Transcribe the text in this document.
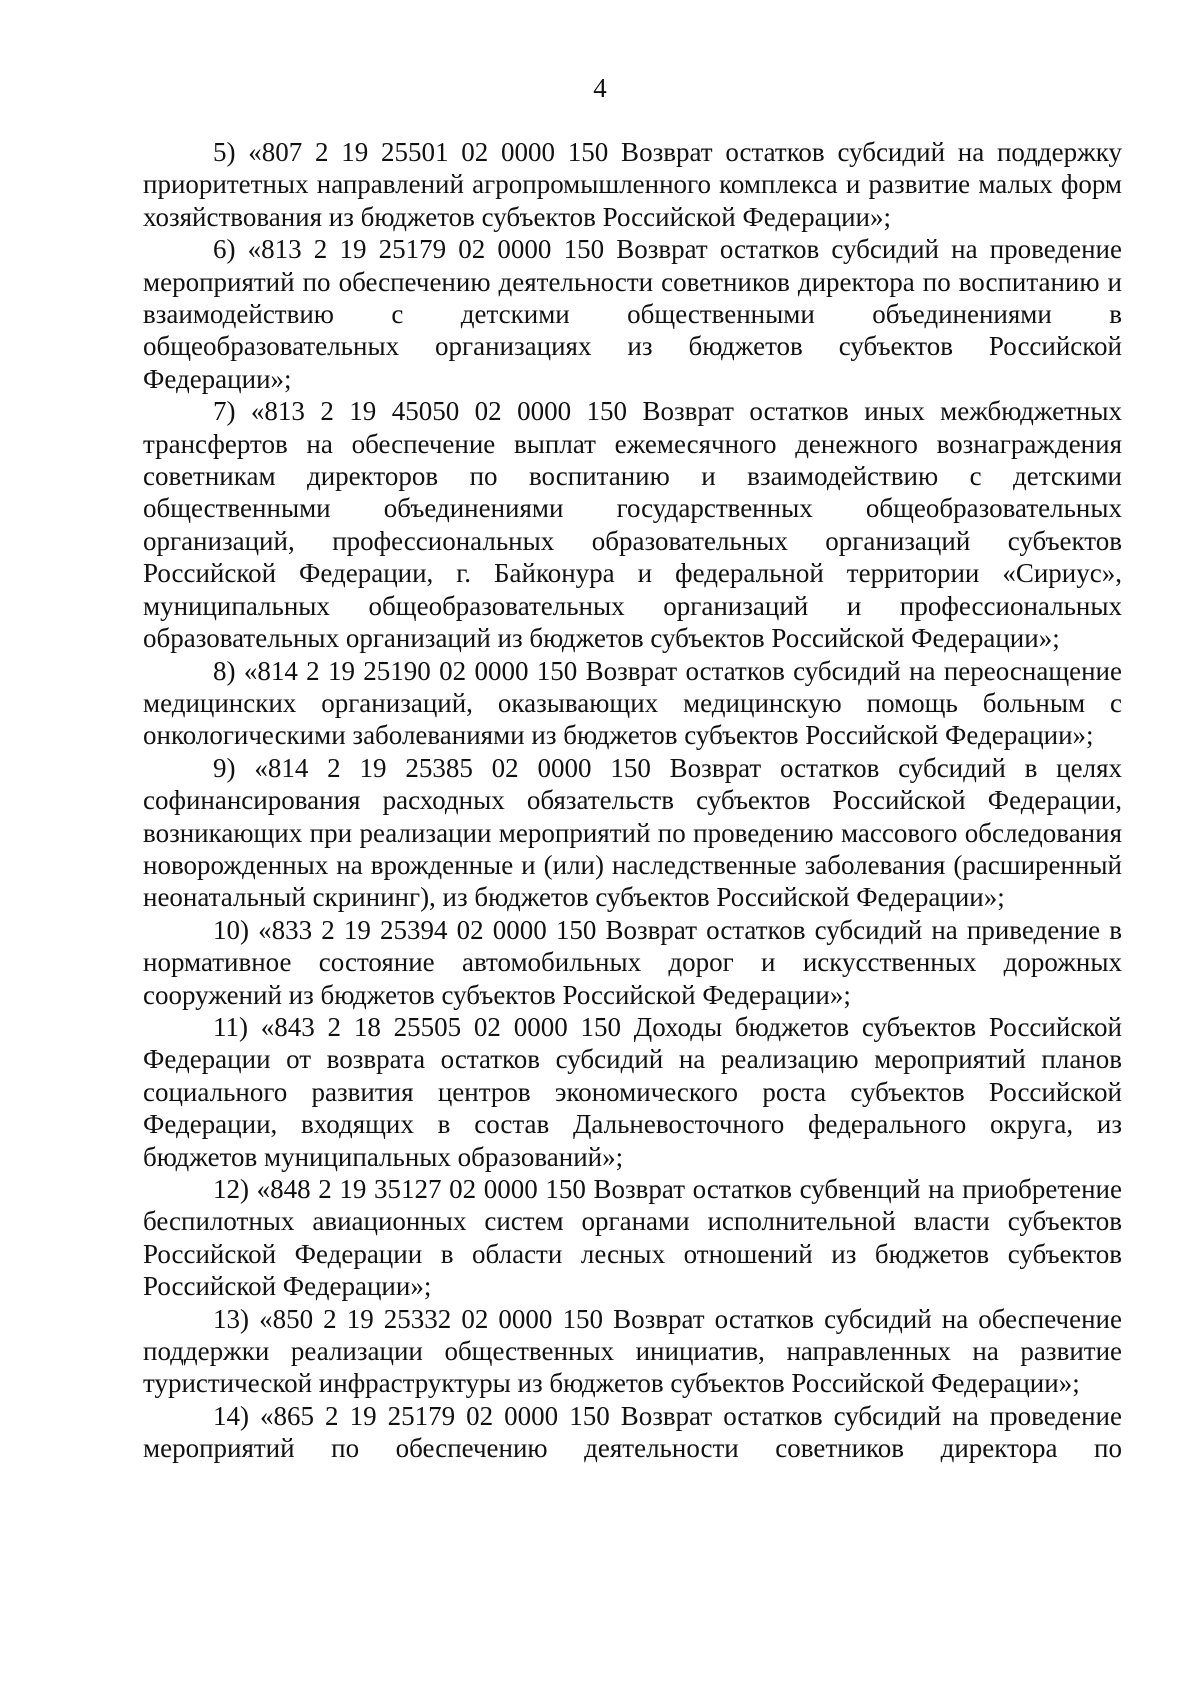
4

5) «807 2 19 25501 02 0000 150 Возврат остатков субсидий на поддержку приоритетных направлений агропромышленного комплекса и развитие малых форм хозяйствования из бюджетов субъектов Российской Федерации»;

6) «813 2 19 25179 02 0000 150 Возврат остатков субсидий на проведение мероприятий по обеспечению деятельности советников директора по воспитанию и взаимодействию с детскими общественными объединениями в общеобразовательных организациях из бюджетов субъектов Российской Федерации»;

7) «813 2 19 45050 02 0000 150 Возврат остатков иных межбюджетных трансфертов на обеспечение выплат ежемесячного денежного вознаграждения советникам директоров по воспитанию и взаимодействию с детскими общественными объединениями государственных общеобразовательных организаций, профессиональных образовательных организаций субъектов Российской Федерации, г. Байконура и федеральной территории «Сириус», муниципальных общеобразовательных организаций и профессиональных образовательных организаций из бюджетов субъектов Российской Федерации»;

8) «814 2 19 25190 02 0000 150 Возврат остатков субсидий на переоснащение медицинских организаций, оказывающих медицинскую помощь больным с онкологическими заболеваниями из бюджетов субъектов Российской Федерации»;

9) «814 2 19 25385 02 0000 150 Возврат остатков субсидий в целях софинансирования расходных обязательств субъектов Российской Федерации, возникающих при реализации мероприятий по проведению массового обследования новорожденных на врожденные и (или) наследственные заболевания (расширенный неонатальный скрининг), из бюджетов субъектов Российской Федерации»;

10) «833 2 19 25394 02 0000 150 Возврат остатков субсидий на приведение в нормативное состояние автомобильных дорог и искусственных дорожных сооружений из бюджетов субъектов Российской Федерации»;

11) «843 2 18 25505 02 0000 150 Доходы бюджетов субъектов Российской Федерации от возврата остатков субсидий на реализацию мероприятий планов социального развития центров экономического роста субъектов Российской Федерации, входящих в состав Дальневосточного федерального округа, из бюджетов муниципальных образований»;

12) «848 2 19 35127 02 0000 150 Возврат остатков субвенций на приобретение беспилотных авиационных систем органами исполнительной власти субъектов Российской Федерации в области лесных отношений из бюджетов субъектов Российской Федерации»;

13) «850 2 19 25332 02 0000 150 Возврат остатков субсидий на обеспечение поддержки реализации общественных инициатив, направленных на развитие туристической инфраструктуры из бюджетов субъектов Российской Федерации»;

14) «865 2 19 25179 02 0000 150 Возврат остатков субсидий на проведение мероприятий по обеспечению деятельности советников директора по
